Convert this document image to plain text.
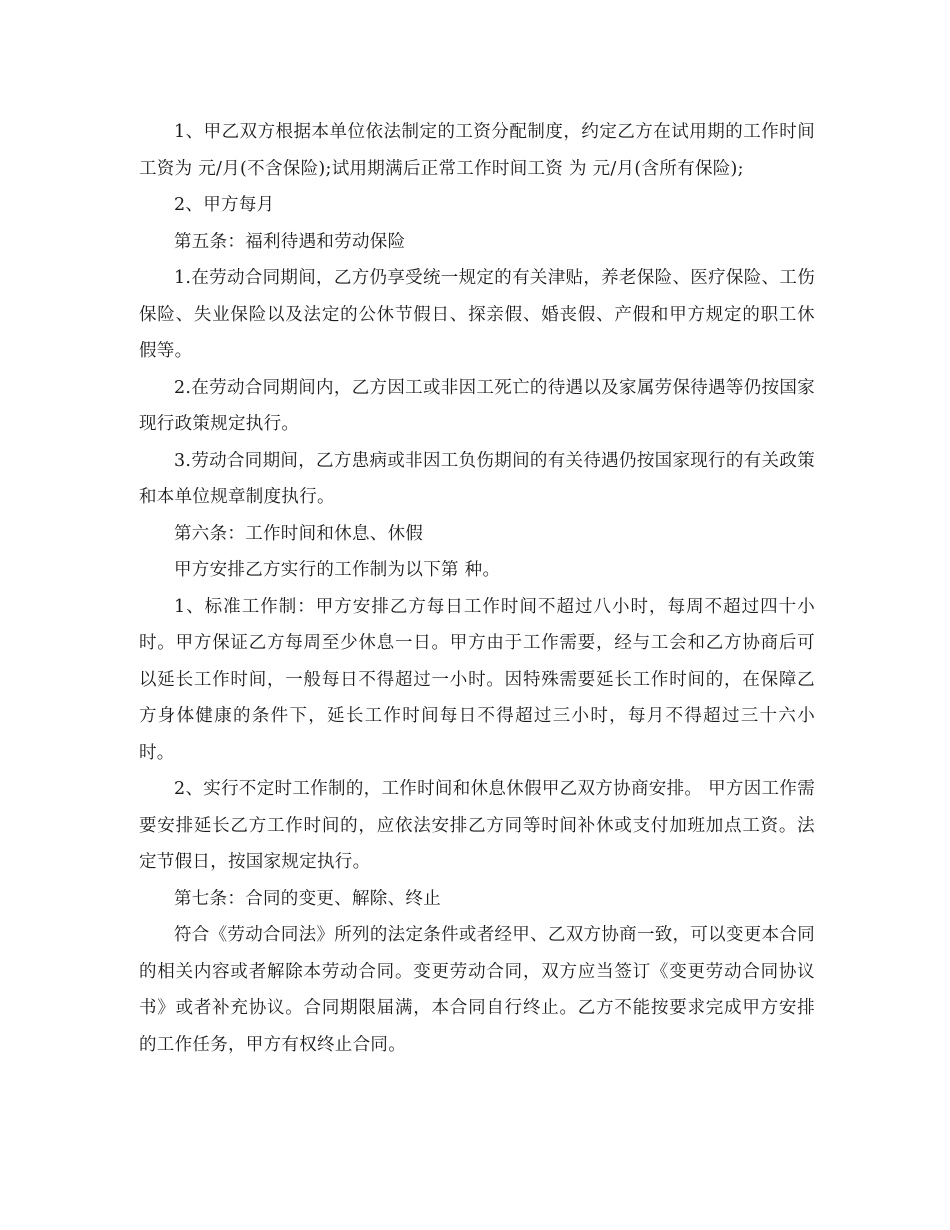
1、甲乙双方根据本单位依法制定的工资分配制度，约定乙方在试用期的工作时间工资为 元/月(不含保险);试用期满后正常工作时间工资 为 元/月(含所有保险);

2、甲方每月

第五条：福利待遇和劳动保险

1.在劳动合同期间，乙方仍享受统一规定的有关津贴，养老保险、医疗保险、工伤保险、失业保险以及法定的公休节假日、探亲假、婚丧假、产假和甲方规定的职工休假等。

2.在劳动合同期间内，乙方因工或非因工死亡的待遇以及家属劳保待遇等仍按国家现行政策规定执行。

3.劳动合同期间，乙方患病或非因工负伤期间的有关待遇仍按国家现行的有关政策和本单位规章制度执行。

第六条：工作时间和休息、休假

甲方安排乙方实行的工作制为以下第 种。

1、标准工作制：甲方安排乙方每日工作时间不超过八小时，每周不超过四十小时。甲方保证乙方每周至少休息一日。甲方由于工作需要，经与工会和乙方协商后可以延长工作时间，一般每日不得超过一小时。因特殊需要延长工作时间的，在保障乙方身体健康的条件下，延长工作时间每日不得超过三小时，每月不得超过三十六小时。

2、实行不定时工作制的，工作时间和休息休假甲乙双方协商安排。 甲方因工作需要安排延长乙方工作时间的，应依法安排乙方同等时间补休或支付加班加点工资。法定节假日，按国家规定执行。

第七条：合同的变更、解除、终止

符合《劳动合同法》所列的法定条件或者经甲、乙双方协商一致，可以变更本合同的相关内容或者解除本劳动合同。变更劳动合同，双方应当签订《变更劳动合同协议书》或者补充协议。合同期限届满，本合同自行终止。乙方不能按要求完成甲方安排的工作任务，甲方有权终止合同。
